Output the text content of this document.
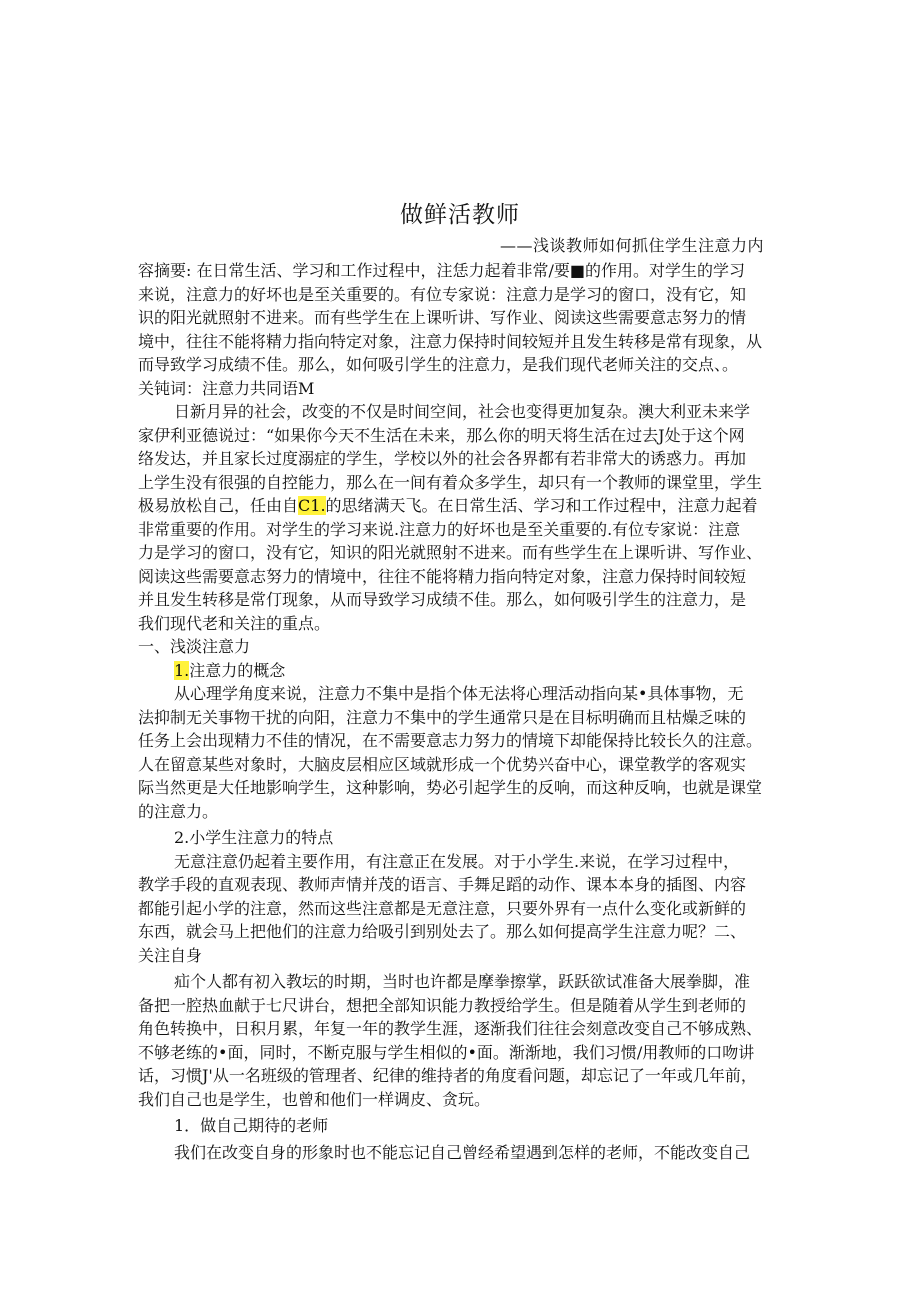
做鲜活教师
——浅谈教师如何抓住学生注意力内

容摘要: 在日常生活、学习和工作过程中，注恁力起着非常/要■的作用。对学生的学习

来说，注意力的好坏也是至关重要的。有位专家说：注意力是学习的窗口，没有它，知

识的阳光就照射不进来。而有些学生在上课听讲、写作业、阅读这些需要意志努力的情

境中，往往不能将精力指向特定对象，注意力保持时间较短并且发生转移是常有现象，从

而导致学习成绩不佳。那么，如何吸引学生的注意力，是我们现代老师关注的交点、。

关钝词：注意力共同语M

日新月异的社会，改变的不仅是时间空间，社会也变得更加复杂。澳大利亚未来学

家伊利亚德说过：“如果你今天不生活在未来，那么你的明天将生活在过去J处于这个网

络发达，并且家长过度溺症的学生，学校以外的社会各界都有若非常大的诱惑力。再加

上学生没有很强的自控能力，那么在一间有着众多学生，却只有一个教师的课堂里，学生

极易放松自己，任由自C1.的思绪满天飞。在日常生活、学习和工作过程中，注意力起着

非常重要的作用。对学生的学习来说.注意力的好坏也是至关重要的.有位专家说：注意

力是学习的窗口，没有它，知识的阳光就照射不进来。而有些学生在上课听讲、写作业、

阅读这些需要意志努力的情境中，往往不能将精力指向特定对象，注意力保持时间较短

并且发生转移是常仃现象，从而导致学习成绩不佳。那么，如何吸引学生的注意力，是

我们现代老和关注的重点。

一、浅淡注意力

1.注意力的概念

从心理学角度来说，注意力不集中是指个体无法将心理活动指向某•具体事物，无

法抑制无关事物干扰的向阳，注意力不集中的学生通常只是在目标明确而且枯燥乏味的

任务上会出现精力不佳的情况，在不需要意志力努力的情境下却能保持比较长久的注意。

人在留意某些对象时，大脑皮层相应区域就形成一个优势兴奋中心，课堂教学的客观实

际当然更是大任地影响学生，这种影响，势必引起学生的反响，而这种反响，也就是课堂

的注意力。

2.小学生注意力的特点

无意注意仍起着主要作用，有注意正在发展。对于小学生.来说，在学习过程中，

教学手段的直观表现、教师声情并茂的语言、手舞足蹈的动作、课本本身的插图、内容

都能引起小学的注意，然而这些注意都是无意注意，只要外界有一点什么变化或新鲜的

东西，就会马上把他们的注意力给吸引到别处去了。那么如何提高学生注意力呢？二、

关注自身

疝个人都有初入教坛的时期，当时也许都是摩拳擦掌，跃跃欲试准备大展拳脚，准

备把一腔热血献于七尺讲台，想把全部知识能力教授给学生。但是随着从学生到老师的

角色转换中，日积月累，年复一年的教学生涯，逐渐我们往往会刻意改变自己不够成熟、

不够老练的•面，同时，不断克服与学生相似的•面。渐渐地，我们习惯/用教师的口吻讲

话，习惯J'从一名班级的管理者、纪律的维持者的角度看问题，却忘记了一年或几年前，

我们自己也是学生，也曾和他们一样调皮、贪玩。

1．做自己期待的老师

我们在改变自身的形象时也不能忘记自己曾经希望遇到怎样的老师，不能改变自己
